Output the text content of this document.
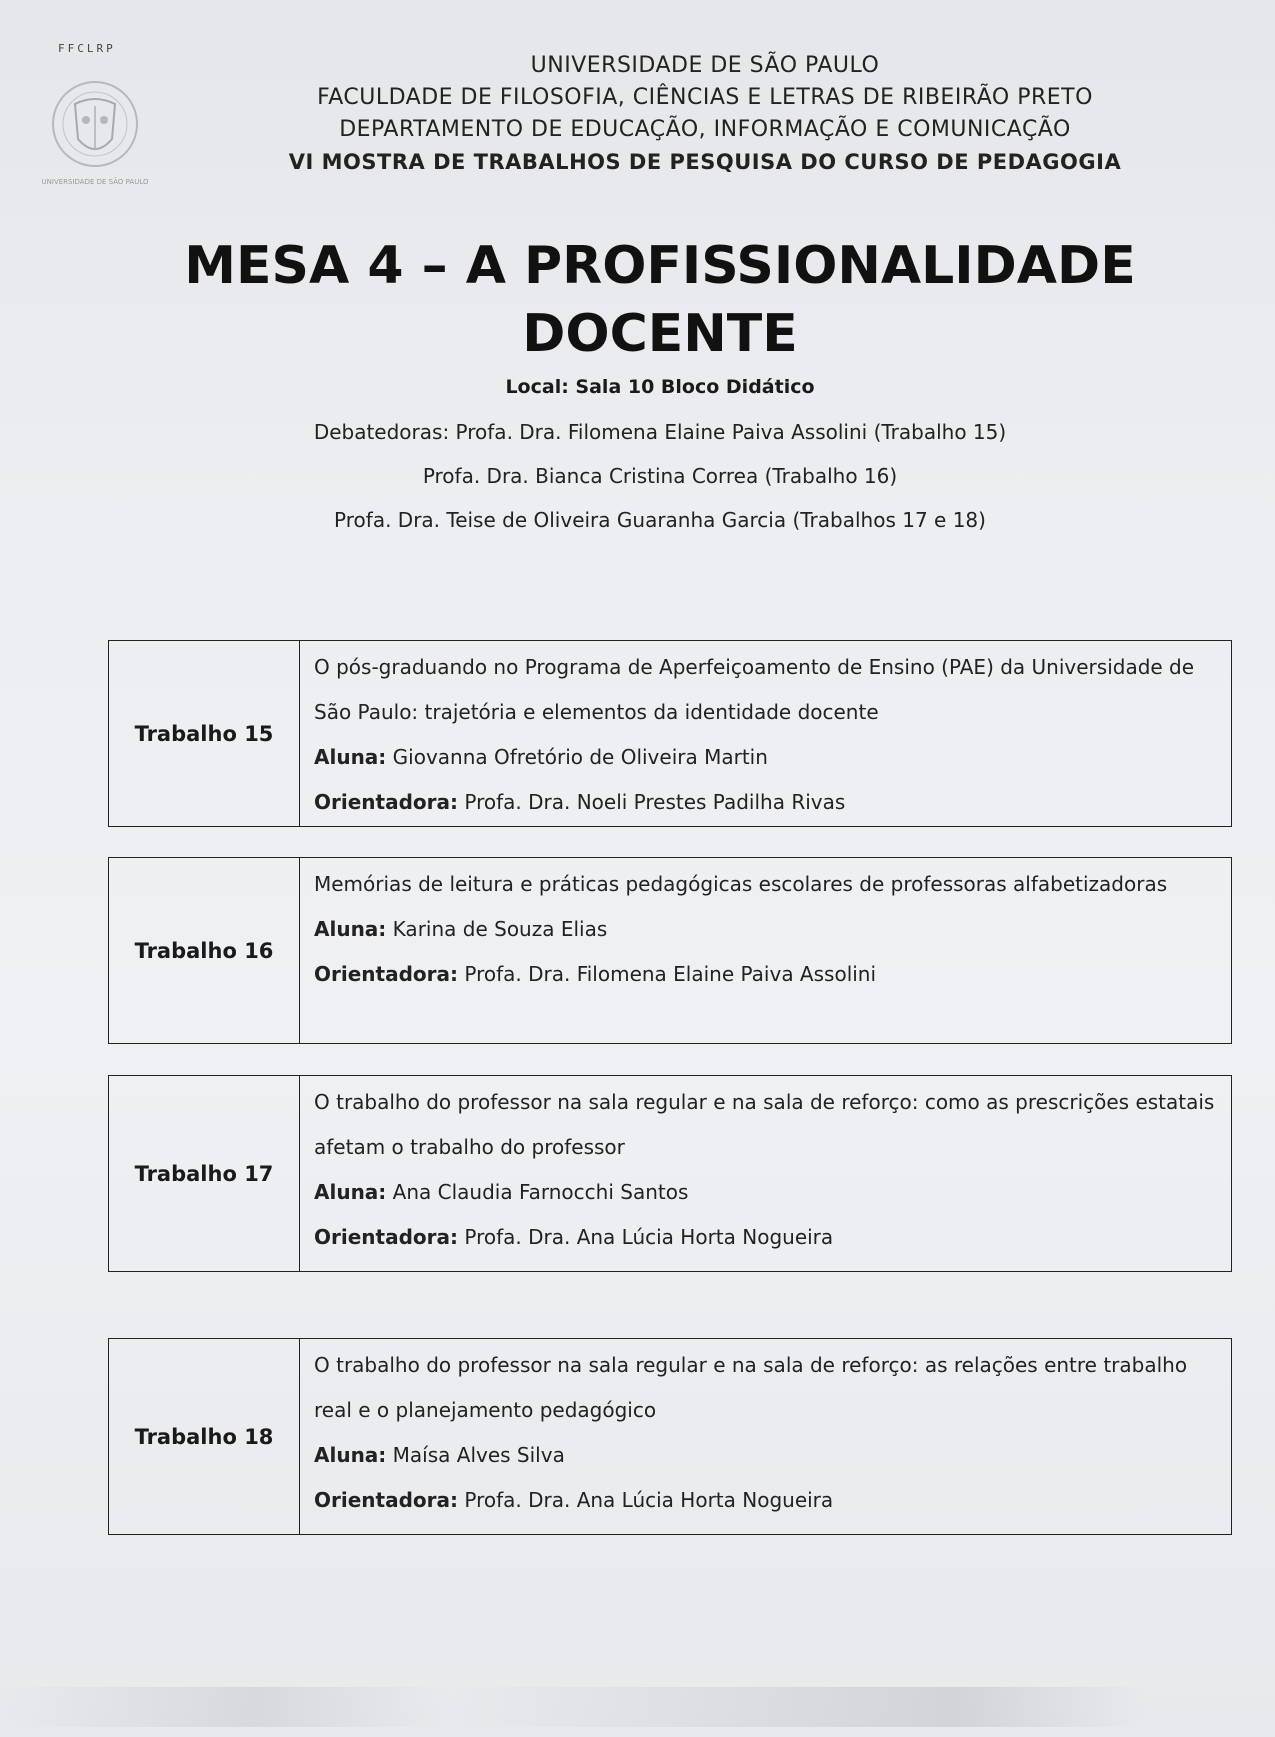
FFCLRP
UNIVERSIDADE DE SÃO PAULO
UNIVERSIDADE DE SÃO PAULO
FACULDADE DE FILOSOFIA, CIÊNCIAS E LETRAS DE RIBEIRÃO PRETO
DEPARTAMENTO DE EDUCAÇÃO, INFORMAÇÃO E COMUNICAÇÃO
VI MOSTRA DE TRABALHOS DE PESQUISA DO CURSO DE PEDAGOGIA
MESA 4 – A PROFISSIONALIDADE
DOCENTE
Local: Sala 10 Bloco Didático
Debatedoras: Profa. Dra. Filomena Elaine Paiva Assolini (Trabalho 15)
Profa. Dra. Bianca Cristina Correa (Trabalho 16)
Profa. Dra. Teise de Oliveira Guaranha Garcia (Trabalhos 17 e 18)
Trabalho 15
O pós-graduando no Programa de Aperfeiçoamento de Ensino (PAE) da Universidade de São Paulo: trajetória e elementos da identidade docente
Aluna: Giovanna Ofretório de Oliveira Martin
Orientadora: Profa. Dra. Noeli Prestes Padilha Rivas
Trabalho 16
Memórias de leitura e práticas pedagógicas escolares de professoras alfabetizadoras
Aluna: Karina de Souza Elias
Orientadora: Profa. Dra. Filomena Elaine Paiva Assolini
Trabalho 17
O trabalho do professor na sala regular e na sala de reforço: como as prescrições estatais afetam o trabalho do professor
Aluna: Ana Claudia Farnocchi Santos
Orientadora: Profa. Dra. Ana Lúcia Horta Nogueira
Trabalho 18
O trabalho do professor na sala regular e na sala de reforço: as relações entre trabalho real e o planejamento pedagógico
Aluna: Maísa Alves Silva
Orientadora: Profa. Dra. Ana Lúcia Horta Nogueira
